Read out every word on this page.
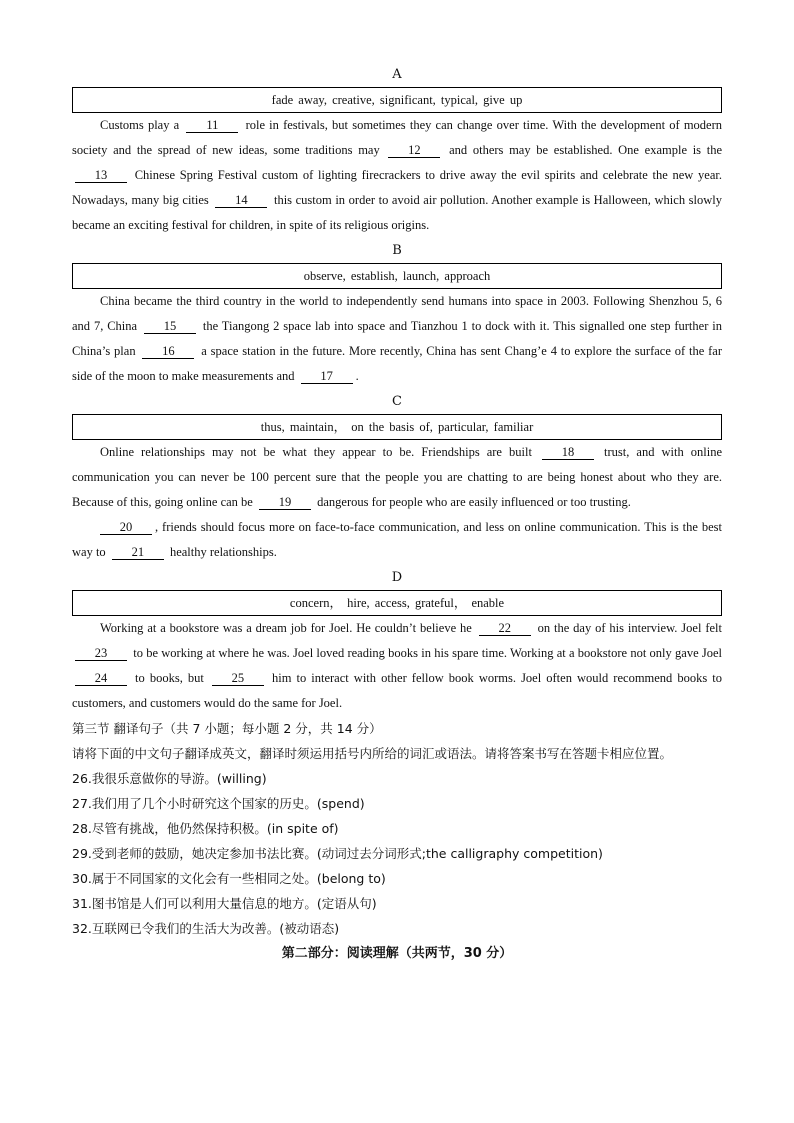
A
fade away, creative, significant, typical, give up
Customs play a 11 role in festivals, but sometimes they can change over time. With the development of modern society and the spread of new ideas, some traditions may 12 and others may be established. One example is the 13 Chinese Spring Festival custom of lighting firecrackers to drive away the evil spirits and celebrate the new year. Nowadays, many big cities 14 this custom in order to avoid air pollution. Another example is Halloween, which slowly became an exciting festival for children, in spite of its religious origins.
B
observe, establish, launch, approach
China became the third country in the world to independently send humans into space in 2003. Following Shenzhou 5, 6 and 7, China 15 the Tiangong 2 space lab into space and Tianzhou 1 to dock with it. This signalled one step further in China’s plan 16 a space station in the future. More recently, China has sent Chang’e 4 to explore the surface of the far side of the moon to make measurements and 17 .
C
thus, maintain， on the basis of, particular, familiar
Online relationships may not be what they appear to be. Friendships are built 18 trust, and with online communication you can never be 100 percent sure that the people you are chatting to are being honest about who they are. Because of this, going online can be 19 dangerous for people who are easily influenced or too trusting.
20 , friends should focus more on face-to-face communication, and less on online communication. This is the best way to 21 healthy relationships.
D
concern， hire, access, grateful， enable
Working at a bookstore was a dream job for Joel. He couldn’t believe he 22 on the day of his interview. Joel felt 23 to be working at where he was. Joel loved reading books in his spare time. Working at a bookstore not only gave Joel 24 to books, but 25 him to interact with other fellow book worms. Joel often would recommend books to customers, and customers would do the same for Joel.
第三节 翻译句子（共 7 小题；每小题 2 分，共 14 分）
请将下面的中文句子翻译成英文，翻译时须运用括号内所给的词汇或语法。请将答案书写在答题卡相应位置。
26.我很乐意做你的导游。(willing)
27.我们用了几个小时研究这个国家的历史。(spend)
28.尽管有挑战，他仍然保持积极。(in spite of)
29.受到老师的鼓励，她决定参加书法比赛。(动词过去分词形式;the calligraphy competition)
30.属于不同国家的文化会有一些相同之处。(belong to)
31.图书馆是人们可以利用大量信息的地方。(定语从句)
32.互联网已令我们的生活大为改善。(被动语态)
第二部分：阅读理解（共两节，30 分）
